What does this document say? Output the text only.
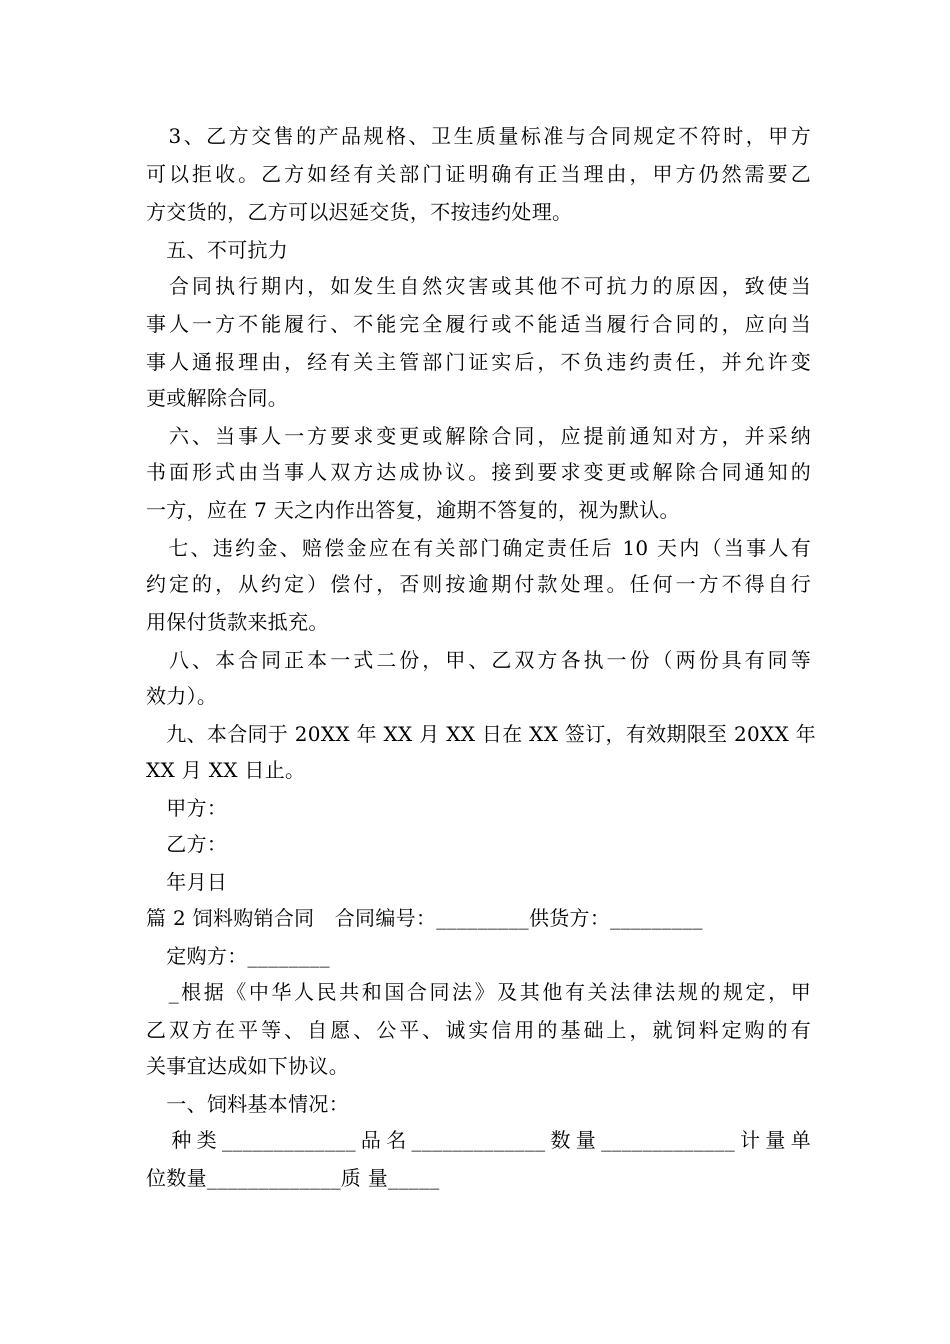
　3、乙方交售的产品规格、卫生质量标准与合同规定不符时，甲方
可以拒收。乙方如经有关部门证明确有正当理由，甲方仍然需要乙
方交货的，乙方可以迟延交货，不按违约处理。
　五、不可抗力
　合同执行期内，如发生自然灾害或其他不可抗力的原因，致使当
事人一方不能履行、不能完全履行或不能适当履行合同的，应向当
事人通报理由，经有关主管部门证实后，不负违约责任，并允许变
更或解除合同。
　六、当事人一方要求变更或解除合同，应提前通知对方，并采纳
书面形式由当事人双方达成协议。接到要求变更或解除合同通知的
一方，应在 7 天之内作出答复，逾期不答复的，视为默认。
　七、违约金、赔偿金应在有关部门确定责任后 10 天内（当事人有
约定的，从约定）偿付，否则按逾期付款处理。任何一方不得自行
用保付货款来抵充。
　八、本合同正本一式二份，甲、乙双方各执一份（两份具有同等
效力）。
　九、本合同于 20XX 年 XX 月 XX 日在 XX 签订，有效期限至 20XX 年
XX 月 XX 日止。
　甲方：
　乙方：
　年月日
篇 2 饲料购销合同　合同编号：_________供货方：_________
　定购方：________
　_根据《中华人民共和国合同法》及其他有关法律法规的规定，甲
乙双方在平等、自愿、公平、诚实信用的基础上，就饲料定购的有
关事宜达成如下协议。
　一、饲料基本情况：
　种类_____________品名_____________数量_____________计量单
位数量_____________质 量_____
